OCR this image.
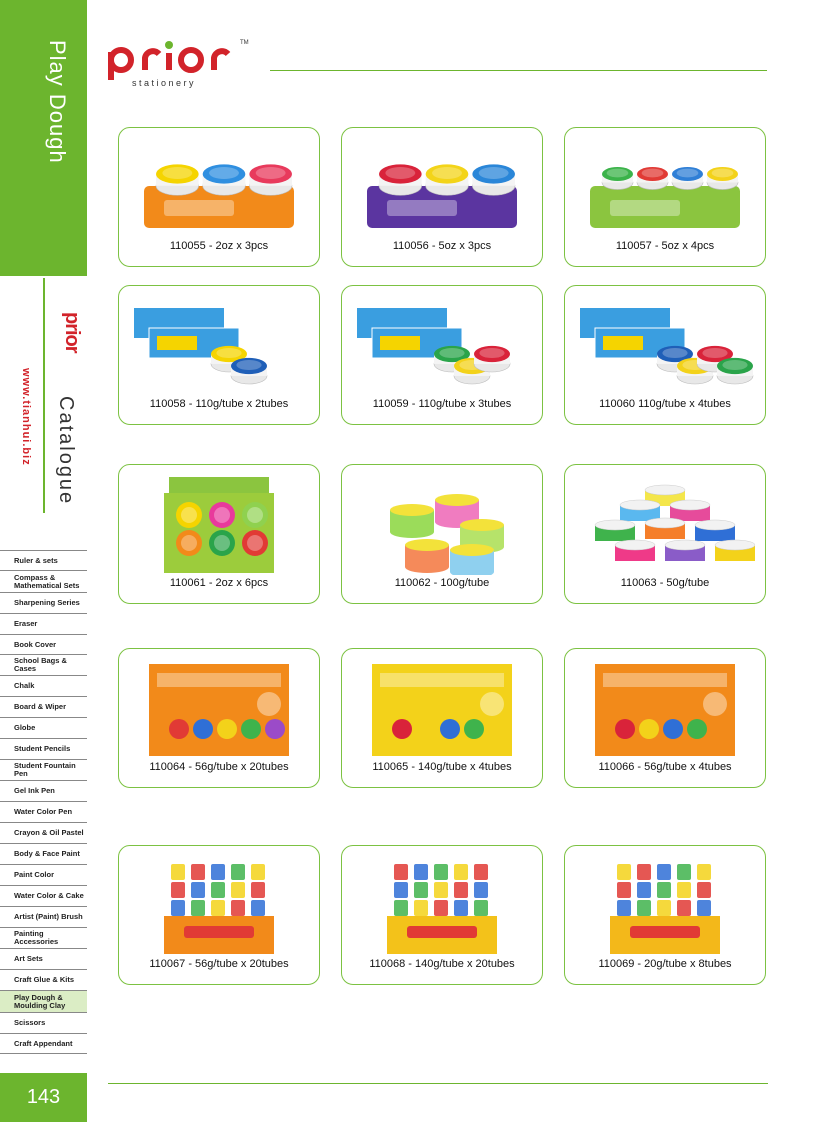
Play Dough
prior
www.tianhui.biz Catalogue
stationery
TM
Ruler & sets
Compass & Mathematical Sets
Sharpening Series
Eraser
Book Cover
School Bags & Cases
Chalk
Board & Wiper
Globe
Student Pencils
Student Fountain Pen
Gel Ink Pen
Water Color Pen
Crayon & Oil Pastel
Body & Face Paint
Paint Color
Water Color & Cake
Artist (Paint) Brush
Painting Accessories
Art Sets
Craft Glue & Kits
Play Dough & Moulding Clay
Scissors
Craft Appendant
143
110055 - 2oz x 3pcs	110056 - 5oz x 3pcs	110057 - 5oz x 4pcs
110058 - 110g/tube x 2tubes	110059 - 110g/tube x 3tubes	110060 110g/tube x 4tubes
110061 - 2oz x 6pcs	110062 - 100g/tube	110063 - 50g/tube
110064 - 56g/tube x 20tubes	110065 - 140g/tube x 4tubes	110066 - 56g/tube x 4tubes
110067 - 56g/tube x 20tubes	110068 - 140g/tube x 20tubes	110069 - 20g/tube x 8tubes
